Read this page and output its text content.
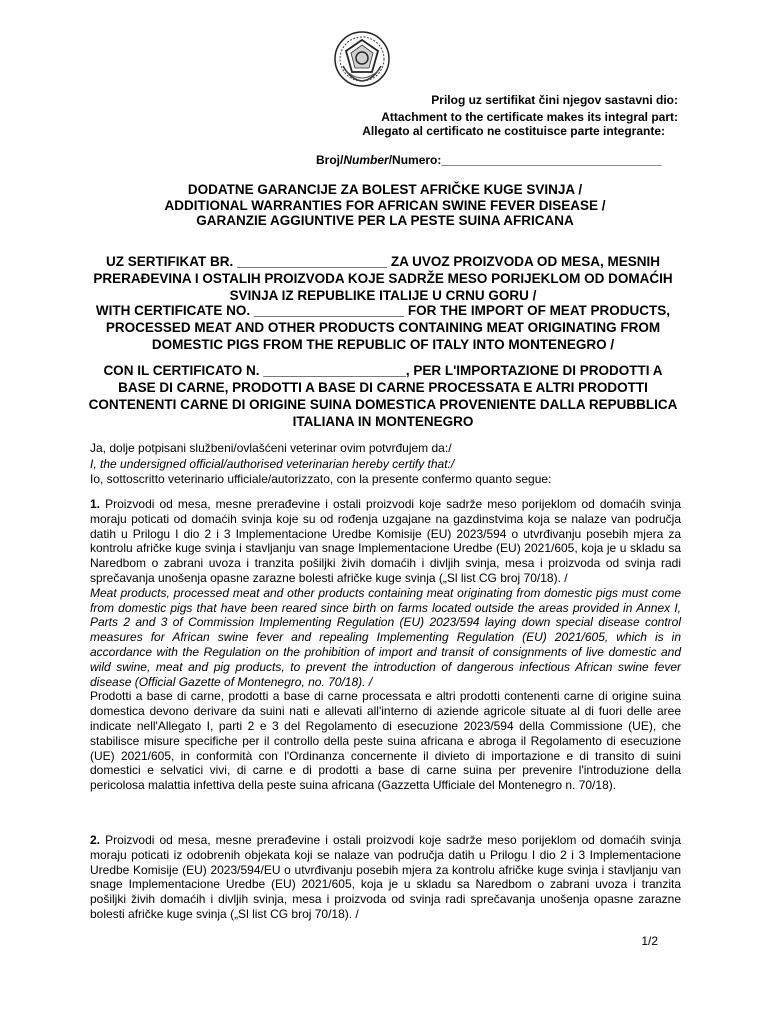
Prilog uz sertifikat čini njegov sastavni dio:
Attachment to the certificate makes its integral part:
Allegato al certificato ne costituisce parte integrante:
Broj/Number/Numero:_________________________________
DODATNE GARANCIJE ZA BOLEST AFRIČKE KUGE SVINJA /
ADDITIONAL WARRANTIES FOR AFRICAN SWINE FEVER DISEASE /
GARANZIE AGGIUNTIVE PER LA PESTE SUINA AFRICANA
UZ SERTIFIKAT BR. ____________________ ZA UVOZ PROIZVODA OD MESA, MESNIH PRERAĐEVINA I OSTALIH PROIZVODA KOJE SADRŽE MESO PORIJEKLOM OD DOMAĆIH SVINJA IZ REPUBLIKE ITALIJE U CRNU GORU /
WITH CERTIFICATE NO. ____________________ FOR THE IMPORT OF MEAT PRODUCTS, PROCESSED MEAT AND OTHER PRODUCTS CONTAINING MEAT ORIGINATING FROM DOMESTIC PIGS FROM THE REPUBLIC OF ITALY INTO MONTENEGRO /
CON IL CERTIFICATO N. ___________________, PER L'IMPORTAZIONE DI PRODOTTI A BASE DI CARNE, PRODOTTI A BASE DI CARNE PROCESSATA E ALTRI PRODOTTI CONTENENTI CARNE DI ORIGINE SUINA DOMESTICA PROVENIENTE DALLA REPUBBLICA ITALIANA IN MONTENEGRO
Ja, dolje potpisani službeni/ovlašćeni veterinar ovim potvrđujem da:/
I, the undersigned official/authorised veterinarian hereby certify that:/
Io, sottoscritto veterinario ufficiale/autorizzato, con la presente confermo quanto segue:
1. Proizvodi od mesa, mesne prerađevine i ostali proizvodi koje sadrže meso porijeklom od domaćih svinja moraju poticati od domaćih svinja koje su od rođenja uzgajane na gazdinstvima koja se nalaze van područja datih u Prilogu I dio 2 i 3 Implementacione Uredbe Komisije (EU) 2023/594 o utvrđivanju posebih mjera za kontrolu afričke kuge svinja i stavljanju van snage Implementacione Uredbe (EU) 2021/605, koja je u skladu sa Naredbom o zabrani uvoza i tranzita pošiljki živih domaćih i divljih svinja, mesa i proizvoda od svinja radi sprečavanja unošenja opasne zarazne bolesti afričke kuge svinja („Sl list CG broj 70/18). /
Meat products, processed meat and other products containing meat originating from domestic pigs must come from domestic pigs that have been reared since birth on farms located outside the areas provided in Annex I, Parts 2 and 3 of Commission Implementing Regulation (EU) 2023/594 laying down special disease control measures for African swine fever and repealing Implementing Regulation (EU) 2021/605, which is in accordance with the Regulation on the prohibition of import and transit of consignments of live domestic and wild swine, meat and pig products, to prevent the introduction of dangerous infectious African swine fever disease (Official Gazette of Montenegro, no. 70/18). /
Prodotti a base di carne, prodotti a base di carne processata e altri prodotti contenenti carne di origine suina domestica devono derivare da suini nati e allevati all'interno di aziende agricole situate al di fuori delle aree indicate nell'Allegato I, parti 2 e 3 del Regolamento di esecuzione 2023/594 della Commissione (UE), che stabilisce misure specifiche per il controllo della peste suina africana e abroga il Regolamento di esecuzione (UE) 2021/605, in conformità con l'Ordinanza concernente il divieto di importazione e di transito di suini domestici e selvatici vivi, di carne e di prodotti a base di carne suina per prevenire l'introduzione della pericolosa malattia infettiva della peste suina africana (Gazzetta Ufficiale del Montenegro n. 70/18).
2. Proizvodi od mesa, mesne prerađevine i ostali proizvodi koje sadrže meso porijeklom od domaćih svinja moraju poticati iz odobrenih objekata koji se nalaze van područja datih u Prilogu I dio 2 i 3 Implementacione Uredbe Komisije (EU) 2023/594/EU o utvrđivanju posebih mjera za kontrolu afričke kuge svinja i stavljanju van snage Implementacione Uredbe (EU) 2021/605, koja je u skladu sa Naredbom o zabrani uvoza i tranzita pošiljki živih domaćih i divljih svinja, mesa i proizvoda od svinja radi sprečavanja unošenja opasne zarazne bolesti afričke kuge svinja („Sl list CG broj 70/18). /
1/2
